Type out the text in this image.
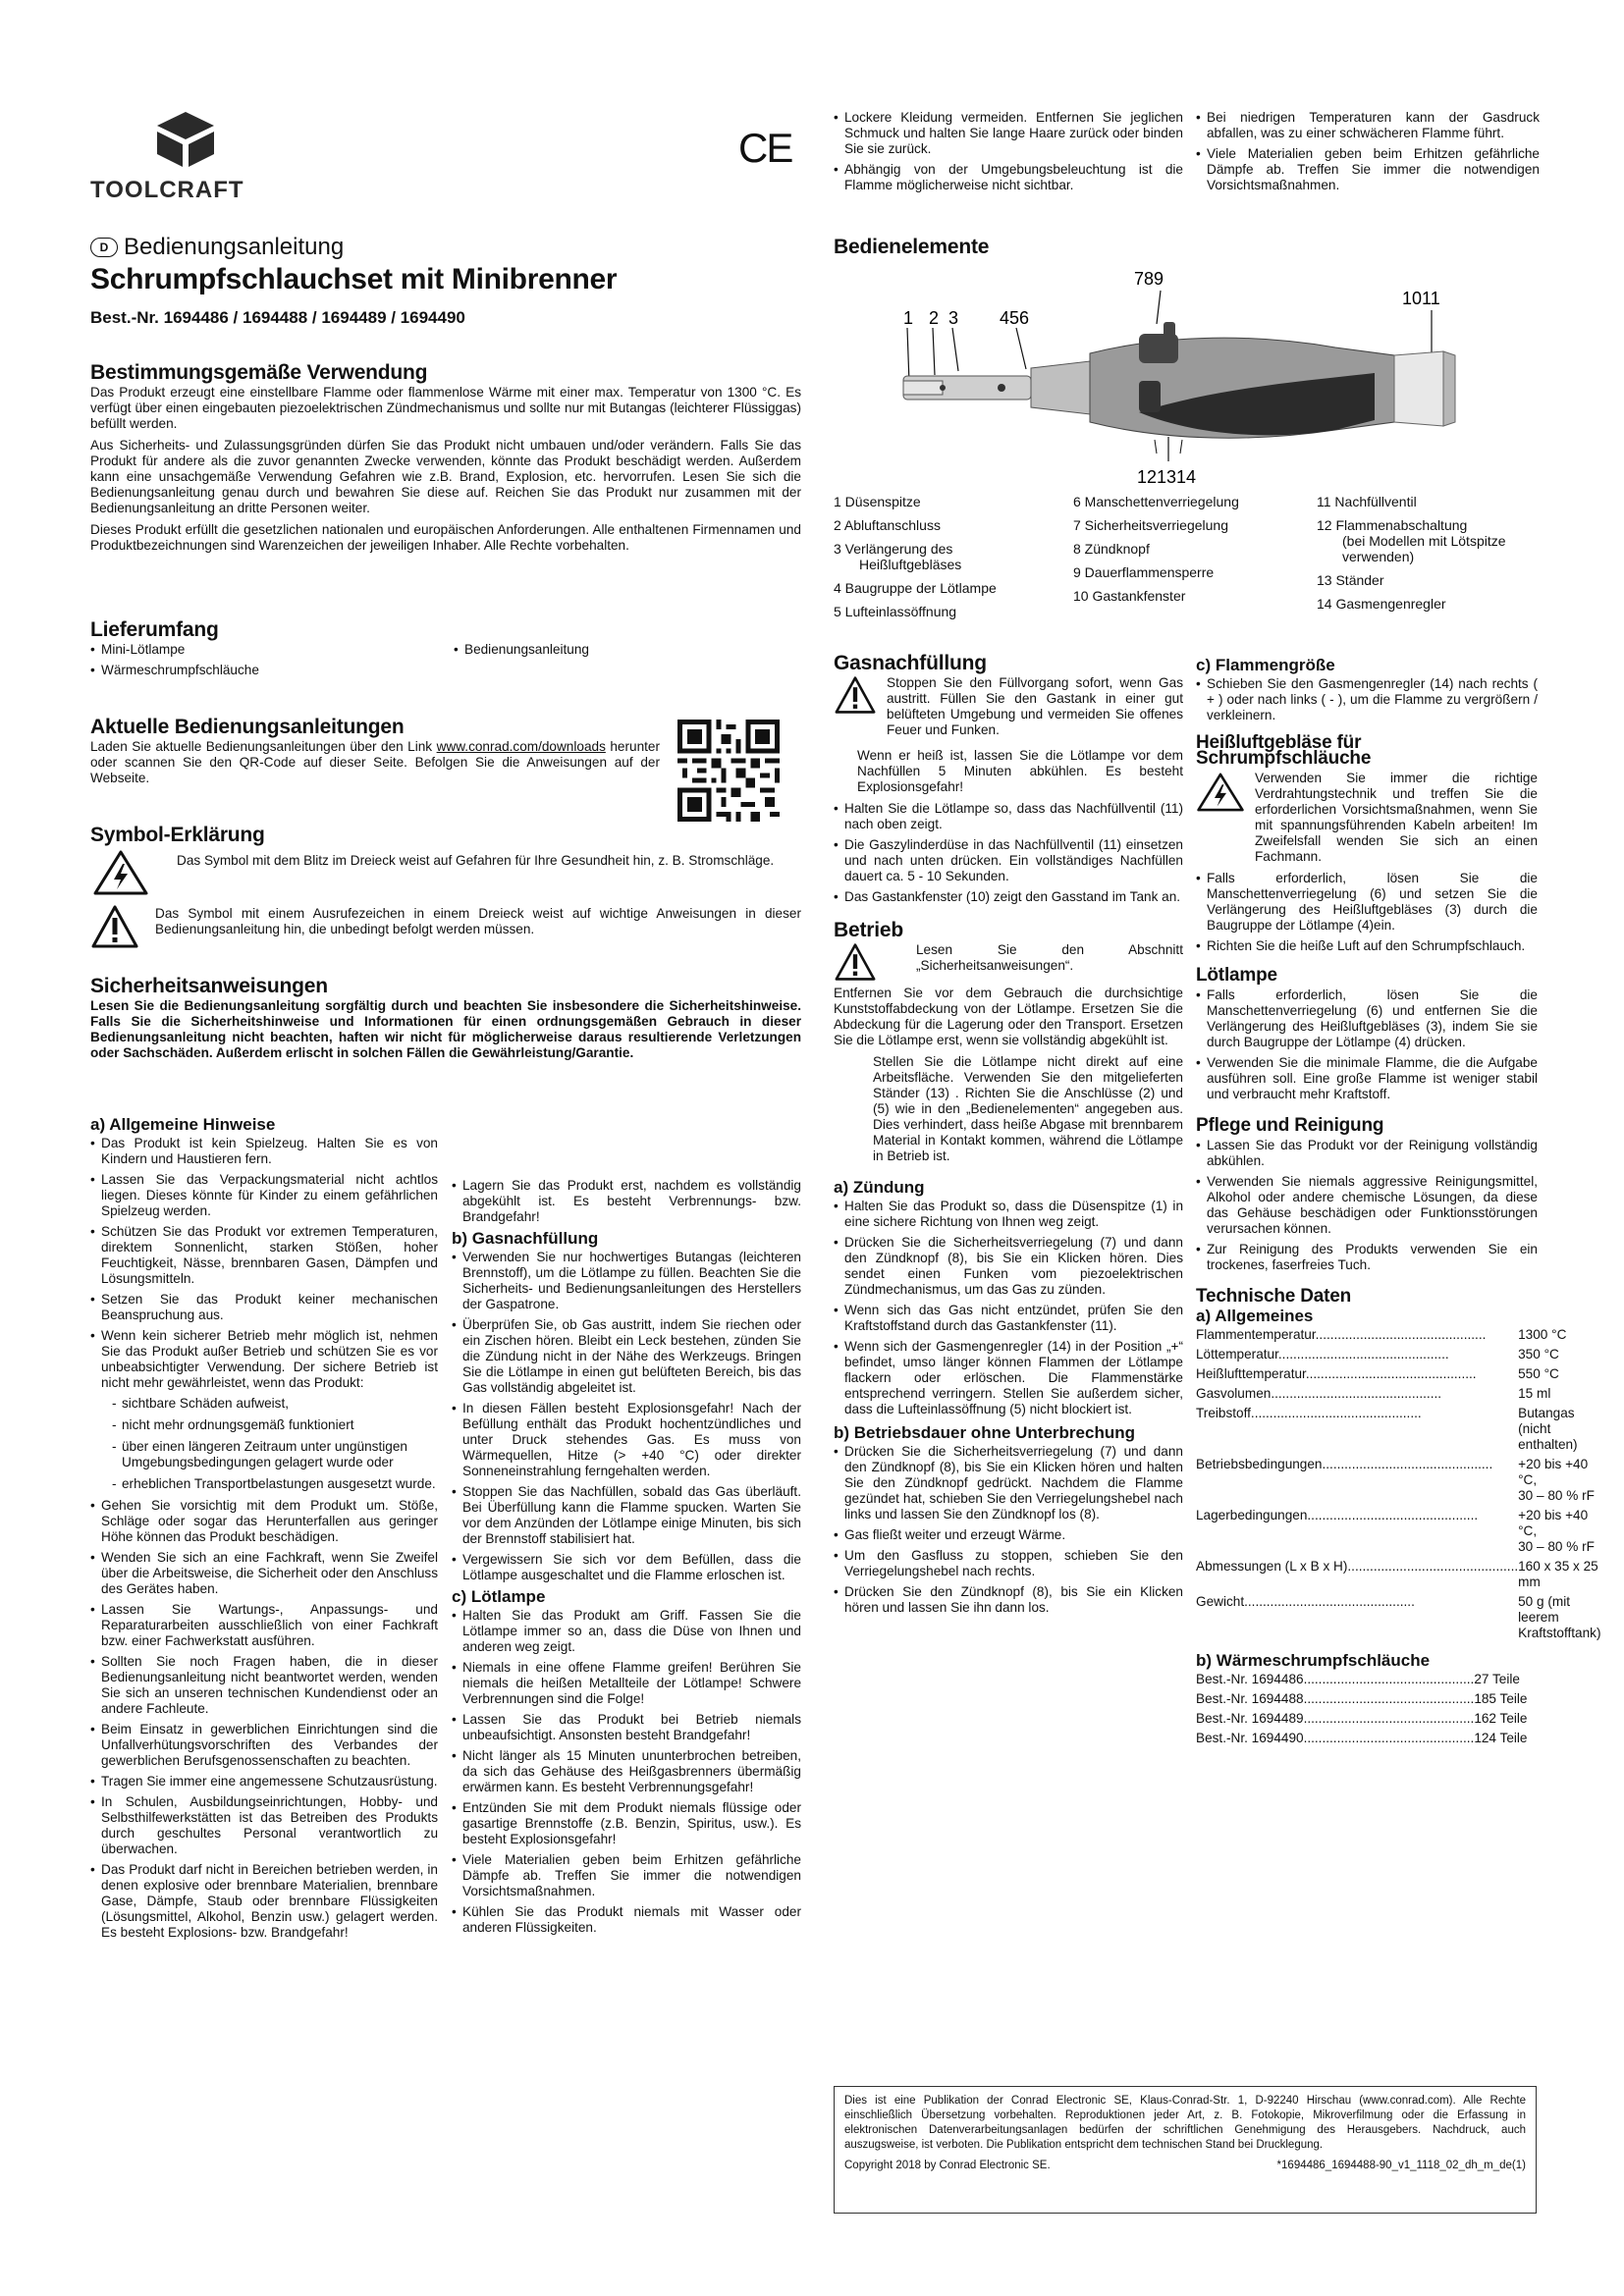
TOOLCRAFT
CE
D Bedienungsanleitung
Schrumpfschlauchset mit Minibrenner
Best.-Nr. 1694486 / 1694488 / 1694489 / 1694490
Bestimmungsgemäße Verwendung

Das Produkt erzeugt eine einstellbare Flamme oder flammenlose Wärme mit einer max. Temperatur von 1300 °C. Es verfügt über einen eingebauten piezoelektrischen Zündmechanismus und sollte nur mit Butangas (leichterer Flüssiggas) befüllt werden.

Aus Sicherheits- und Zulassungsgründen dürfen Sie das Produkt nicht umbauen und/oder verändern. Falls Sie das Produkt für andere als die zuvor genannten Zwecke verwenden, könnte das Produkt beschädigt werden. Außerdem kann eine unsachgemäße Verwendung Gefahren wie z.B. Brand, Explosion, etc. hervorrufen. Lesen Sie sich die Bedienungsanleitung genau durch und bewahren Sie diese auf. Reichen Sie das Produkt nur zusammen mit der Bedienungsanleitung an dritte Personen weiter.

Dieses Produkt erfüllt die gesetzlichen nationalen und europäischen Anforderungen. Alle enthaltenen Firmennamen und Produktbezeichnungen sind Warenzeichen der jeweiligen Inhaber. Alle Rechte vorbehalten.

Lieferumfang
• Mini-Lötlampe
• Wärmeschrumpfschläuche
• Bedienungsanleitung
Aktuelle Bedienungsanleitungen

Laden Sie aktuelle Bedienungsanleitungen über den Link www.conrad.com/downloads herunter oder scannen Sie den QR-Code auf dieser Seite. Befolgen Sie die Anweisungen auf der Webseite.

Symbol-Erklärung

Das Symbol mit dem Blitz im Dreieck weist auf Gefahren für Ihre Gesundheit hin, z. B. Stromschläge.

Das Symbol mit einem Ausrufezeichen in einem Dreieck weist auf wichtige Anweisungen in dieser Bedienungsanleitung hin, die unbedingt befolgt werden müssen.

Sicherheitsanweisungen

Lesen Sie die Bedienungsanleitung sorgfältig durch und beachten Sie insbesondere die Sicherheitshinweise. Falls Sie die Sicherheitshinweise und Informationen für einen ordnungsgemäßen Gebrauch in dieser Bedienungsanleitung nicht beachten, haften wir nicht für möglicherweise daraus resultierende Verletzungen oder Sachschäden. Außerdem erlischt in solchen Fällen die Gewährleistung/Garantie.

a) Allgemeine Hinweise
• Das Produkt ist kein Spielzeug. Halten Sie es von Kindern und Haustieren fern.
• Lassen Sie das Verpackungsmaterial nicht achtlos liegen. Dieses könnte für Kinder zu einem gefährlichen Spielzeug werden.
• Schützen Sie das Produkt vor extremen Temperaturen, direktem Sonnenlicht, starken Stößen, hoher Feuchtigkeit, Nässe, brennbaren Gasen, Dämpfen und Lösungsmitteln.
• Setzen Sie das Produkt keiner mechanischen Beanspruchung aus.
• Wenn kein sicherer Betrieb mehr möglich ist, nehmen Sie das Produkt außer Betrieb und schützen Sie es vor unbeabsichtigter Verwendung. Der sichere Betrieb ist nicht mehr gewährleistet, wenn das Produkt:
- sichtbare Schäden aufweist,
- nicht mehr ordnungsgemäß funktioniert
- über einen längeren Zeitraum unter ungünstigen Umgebungsbedingungen gelagert wurde oder
- erheblichen Transportbelastungen ausgesetzt wurde.
• Gehen Sie vorsichtig mit dem Produkt um. Stöße, Schläge oder sogar das Herunterfallen aus geringer Höhe können das Produkt beschädigen.
• Wenden Sie sich an eine Fachkraft, wenn Sie Zweifel über die Arbeitsweise, die Sicherheit oder den Anschluss des Gerätes haben.
• Lassen Sie Wartungs-, Anpassungs- und Reparaturarbeiten ausschließlich von einer Fachkraft bzw. einer Fachwerkstatt ausführen.
• Sollten Sie noch Fragen haben, die in dieser Bedienungsanleitung nicht beantwortet werden, wenden Sie sich an unseren technischen Kundendienst oder an andere Fachleute.
• Beim Einsatz in gewerblichen Einrichtungen sind die Unfallverhütungsvorschriften des Verbandes der gewerblichen Berufsgenossenschaften zu beachten.
• Tragen Sie immer eine angemessene Schutzausrüstung.
• In Schulen, Ausbildungseinrichtungen, Hobby- und Selbsthilfewerkstätten ist das Betreiben des Produkts durch geschultes Personal verantwortlich zu überwachen.
• Das Produkt darf nicht in Bereichen betrieben werden, in denen explosive oder brennbare Materialien, brennbare Gase, Dämpfe, Staub oder brennbare Flüssigkeiten (Lösungsmittel, Alkohol, Benzin usw.) gelagert werden. Es besteht Explosions- bzw. Brandgefahr!
• Lagern Sie das Produkt erst, nachdem es vollständig abgekühlt ist. Es besteht Verbrennungs- bzw. Brandgefahr!
b) Gasnachfüllung
• Verwenden Sie nur hochwertiges Butangas (leichteren Brennstoff), um die Lötlampe zu füllen. Beachten Sie die Sicherheits- und Bedienungsanleitungen des Herstellers der Gaspatrone.
• Überprüfen Sie, ob Gas austritt, indem Sie riechen oder ein Zischen hören. Bleibt ein Leck bestehen, zünden Sie die Zündung nicht in der Nähe des Werkzeugs. Bringen Sie die Lötlampe in einen gut belüfteten Bereich, bis das Gas vollständig abgeleitet ist.
• In diesen Fällen besteht Explosionsgefahr! Nach der Befüllung enthält das Produkt hochentzündliches und unter Druck stehendes Gas. Es muss von Wärmequellen, Hitze (> +40 °C) oder direkter Sonneneinstrahlung ferngehalten werden.
• Stoppen Sie das Nachfüllen, sobald das Gas überläuft. Bei Überfüllung kann die Flamme spucken. Warten Sie vor dem Anzünden der Lötlampe einige Minuten, bis sich der Brennstoff stabilisiert hat.
• Vergewissern Sie sich vor dem Befüllen, dass die Lötlampe ausgeschaltet und die Flamme erloschen ist.
c) Lötlampe
• Halten Sie das Produkt am Griff. Fassen Sie die Lötlampe immer so an, dass die Düse von Ihnen und anderen weg zeigt.
• Niemals in eine offene Flamme greifen! Berühren Sie niemals die heißen Metallteile der Lötlampe! Schwere Verbrennungen sind die Folge!
• Lassen Sie das Produkt bei Betrieb niemals unbeaufsichtigt. Ansonsten besteht Brandgefahr!
• Nicht länger als 15 Minuten ununterbrochen betreiben, da sich das Gehäuse des Heißgasbrenners übermäßig erwärmen kann. Es besteht Verbrennungsgefahr!
• Entzünden Sie mit dem Produkt niemals flüssige oder gasartige Brennstoffe (z.B. Benzin, Spiritus, usw.). Es besteht Explosionsgefahr!
• Viele Materialien geben beim Erhitzen gefährliche Dämpfe ab. Treffen Sie immer die notwendigen Vorsichtsmaßnahmen.
• Kühlen Sie das Produkt niemals mit Wasser oder anderen Flüssigkeiten.
• Lockere Kleidung vermeiden. Entfernen Sie jeglichen Schmuck und halten Sie lange Haare zurück oder binden Sie sie zurück.
• Abhängig von der Umgebungsbeleuchtung ist die Flamme möglicherweise nicht sichtbar.
• Bei niedrigen Temperaturen kann der Gasdruck abfallen, was zu einer schwächeren Flamme führt.
• Viele Materialien geben beim Erhitzen gefährliche Dämpfe ab. Treffen Sie immer die notwendigen Vorsichtsmaßnahmen.
Bedienelemente
1 2 3 456
789
1011
121314
1 Düsenspitze
2 Abluftanschluss
3 Verlängerung des
Heißluftgebläses
4 Baugruppe der Lötlampe
5 Lufteinlassöffnung

6 Manschettenverriegelung
7 Sicherheitsverriegelung
8 Zündknopf
9 Dauerflammensperre
10 Gastankfenster

11 Nachfüllventil
12 Flammenabschaltung
(bei Modellen mit Lötspitze
verwenden)
13 Ständer
14 Gasmengenregler
Gasnachfüllung

Stoppen Sie den Füllvorgang sofort, wenn Gas austritt. Füllen Sie den Gastank in einer gut belüfteten Umgebung und vermeiden Sie offenes Feuer und Funken.

Wenn er heiß ist, lassen Sie die Lötlampe vor dem Nachfüllen 5 Minuten abkühlen. Es besteht Explosionsgefahr!

• Halten Sie die Lötlampe so, dass das Nachfüllventil (11) nach oben zeigt.
• Die Gaszylinderdüse in das Nachfüllventil (11) einsetzen und nach unten drücken. Ein vollständiges Nachfüllen dauert ca. 5 - 10 Sekunden.
• Das Gastankfenster (10) zeigt den Gasstand im Tank an.
Betrieb

Lesen Sie den Abschnitt „Sicherheitsanweisungen“.

Entfernen Sie vor dem Gebrauch die durchsichtige Kunststoffabdeckung von der Lötlampe. Ersetzen Sie die Abdeckung für die Lagerung oder den Transport. Ersetzen Sie die Lötlampe erst, wenn sie vollständig abgekühlt ist.

Stellen Sie die Lötlampe nicht direkt auf eine Arbeitsfläche. Verwenden Sie den mitgelieferten Ständer (13) . Richten Sie die Anschlüsse (2) und (5) wie in den „Bedienelementen“ angegeben aus. Dies verhindert, dass heiße Abgase mit brennbarem Material in Kontakt kommen, während die Lötlampe in Betrieb ist.

a) Zündung
• Halten Sie das Produkt so, dass die Düsenspitze (1) in eine sichere Richtung von Ihnen weg zeigt.
• Drücken Sie die Sicherheitsverriegelung (7) und dann den Zündknopf (8), bis Sie ein Klicken hören. Dies sendet einen Funken vom piezoelektrischen Zündmechanismus, um das Gas zu zünden.
• Wenn sich das Gas nicht entzündet, prüfen Sie den Kraftstoffstand durch das Gastankfenster (11).
• Wenn sich der Gasmengenregler (14) in der Position „+“ befindet, umso länger können Flammen der Lötlampe flackern oder erlöschen. Die Flammenstärke entsprechend verringern. Stellen Sie außerdem sicher, dass die Lufteinlassöffnung (5) nicht blockiert ist.
b) Betriebsdauer ohne Unterbrechung
• Drücken Sie die Sicherheitsverriegelung (7) und dann den Zündknopf (8), bis Sie ein Klicken hören und halten Sie den Zündknopf gedrückt. Nachdem die Flamme gezündet hat, schieben Sie den Verriegelungshebel nach links und lassen Sie den Zündknopf los (8).
• Gas fließt weiter und erzeugt Wärme.
• Um den Gasfluss zu stoppen, schieben Sie den Verriegelungshebel nach rechts.
• Drücken Sie den Zündknopf (8), bis Sie ein Klicken hören und lassen Sie ihn dann los.
c) Flammengröße
• Schieben Sie den Gasmengenregler (14) nach rechts ( + ) oder nach links ( - ), um die Flamme zu vergrößern / verkleinern.
Heißluftgebläse für Schrumpfschläuche

Verwenden Sie immer die richtige Verdrahtungstechnik und treffen Sie die erforderlichen Vorsichtsmaßnahmen, wenn Sie mit spannungsführenden Kabeln arbeiten! Im Zweifelsfall wenden Sie sich an einen Fachmann.

• Falls erforderlich, lösen Sie die Manschettenverriegelung (6) und setzen Sie die Verlängerung des Heißluftgebläses (3) durch die Baugruppe der Lötlampe (4)ein.
• Richten Sie die heiße Luft auf den Schrumpfschlauch.
Lötlampe
• Falls erforderlich, lösen Sie die Manschettenverriegelung (6) und entfernen Sie die Verlängerung des Heißluftgebläses (3), indem Sie sie durch Baugruppe der Lötlampe (4) drücken.
• Verwenden Sie die minimale Flamme, die die Aufgabe ausführen soll. Eine große Flamme ist weniger stabil und verbraucht mehr Kraftstoff.
Pflege und Reinigung
• Lassen Sie das Produkt vor der Reinigung vollständig abkühlen.
• Verwenden Sie niemals aggressive Reinigungsmittel, Alkohol oder andere chemische Lösungen, da diese das Gehäuse beschädigen oder Funktionsstörungen verursachen können.
• Zur Reinigung des Produkts verwenden Sie ein trockenes, faserfreies Tuch.
Technische Daten
a) Allgemeines
Flammentemperatur..............................................	1300 °C

Löttemperatur..............................................	350 °C

Heißlufttemperatur..............................................	550 °C

Gasvolumen..............................................	15 ml

Treibstoff..............................................	Butangas
(nicht enthalten)

Betriebsbedingungen..............................................	+20 bis +40 °C,
30 – 80 % rF

Lagerbedingungen..............................................	+20 bis +40 °C,
30 – 80 % rF

Abmessungen (L x B x H)..............................................	160 x 35 x 25 mm

Gewicht..............................................	50 g (mit leerem
Kraftstofftank)
b) Wärmeschrumpfschläuche
Best.-Nr. 1694486..............................................	27 Teile

Best.-Nr. 1694488..............................................	185 Teile

Best.-Nr. 1694489..............................................	162 Teile

Best.-Nr. 1694490..............................................	124 Teile
Dies ist eine Publikation der Conrad Electronic SE, Klaus-Conrad-Str. 1, D-92240 Hirschau (www.conrad.com). Alle Rechte einschließlich Übersetzung vorbehalten. Reproduktionen jeder Art, z. B. Fotokopie, Mikroverfilmung oder die Erfassung in elektronischen Datenverarbeitungsanlagen bedürfen der schriftlichen Genehmigung des Herausgebers. Nachdruck, auch auszugsweise, ist verboten. Die Publikation entspricht dem technischen Stand bei Drucklegung.
Copyright 2018 by Conrad Electronic SE.	*1694486_1694488-90_v1_1118_02_dh_m_de(1)
